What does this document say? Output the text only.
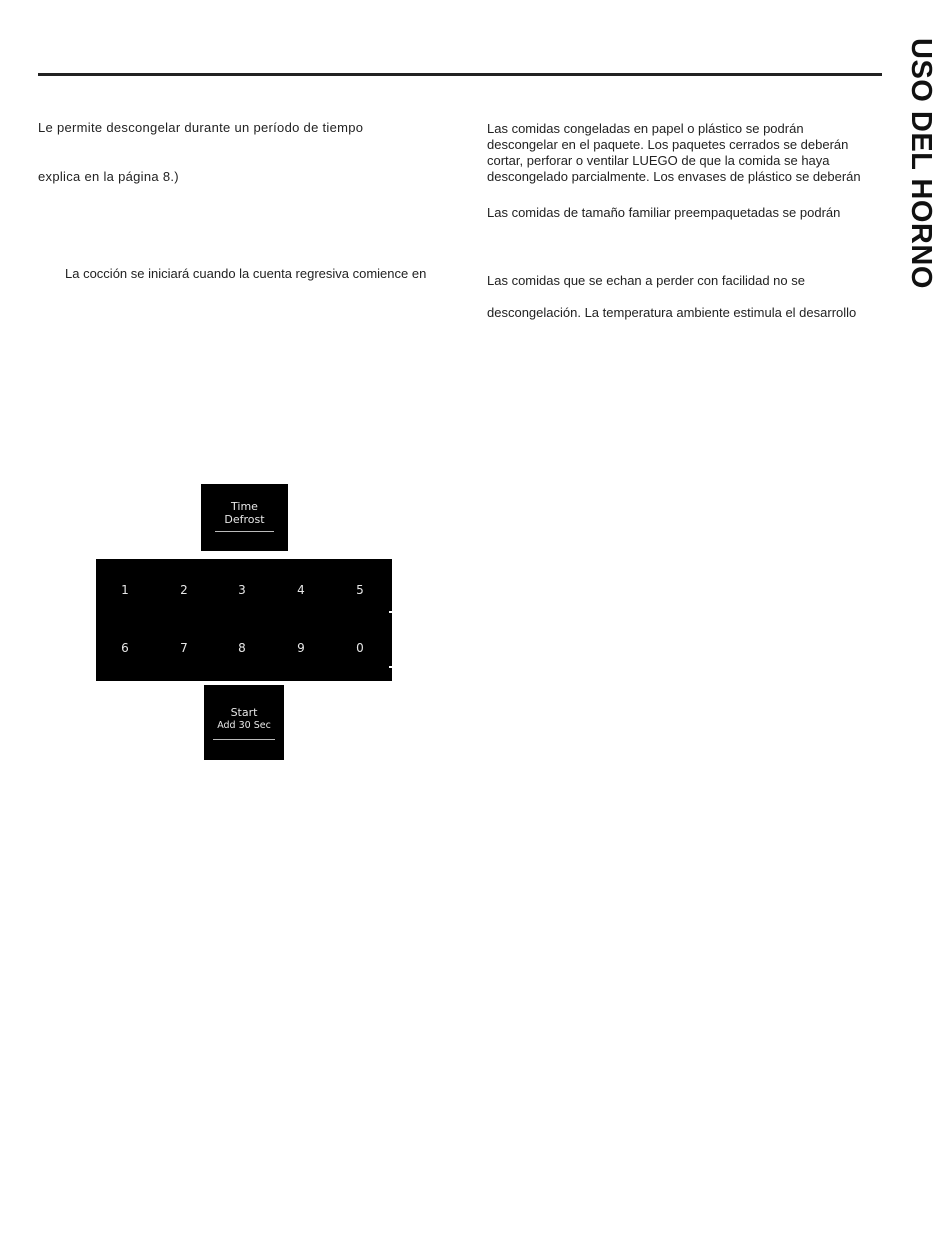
USO DEL HORNO
Le permite descongelar durante un período de tiempo
explica en la página 8.)
La cocción se iniciará cuando la cuenta regresiva comience en
Las comidas congeladas en papel o plástico se podrán
descongelar en el paquete. Los paquetes cerrados se deberán
cortar, perforar o ventilar LUEGO de que la comida se haya
descongelado parcialmente. Los envases de plástico se deberán
Las comidas de tamaño familiar preempaquetadas se podrán
Las comidas que se echan a perder con facilidad no se
descongelación. La temperatura ambiente estimula el desarrollo
Time
Defrost
1	2	3	4	5
6	7	8	9	0
Start
Add 30 Sec
